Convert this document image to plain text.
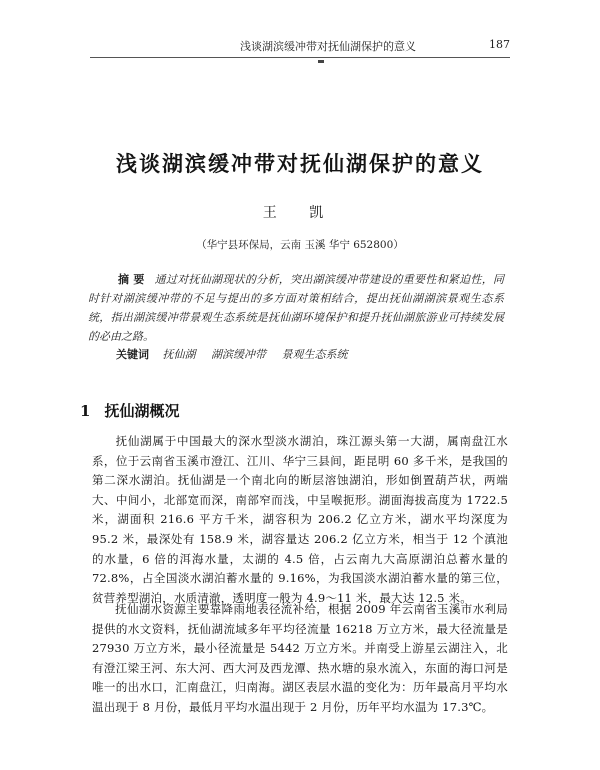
浅谈湖滨缓冲带对抚仙湖保护的意义	187
浅谈湖滨缓冲带对抚仙湖保护的意义
王 凯
（华宁县环保局，云南 玉溪 华宁 652800）
摘 要 通过对抚仙湖现状的分析，突出湖滨缓冲带建设的重要性和紧迫性，同时针对湖滨缓冲带的不足与提出的多方面对策相结合，提出抚仙湖湖滨景观生态系统，指出湖滨缓冲带景观生态系统是抚仙湖环境保护和提升抚仙湖旅游业可持续发展的必由之路。
关键词 抚仙湖 湖滨缓冲带 景观生态系统
1 抚仙湖概况
抚仙湖属于中国最大的深水型淡水湖泊，珠江源头第一大湖，属南盘江水系，位于云南省玉溪市澄江、江川、华宁三县间，距昆明 60 多千米，是我国的第二深水湖泊。抚仙湖是一个南北向的断层溶蚀湖泊，形如倒置葫芦状，两端大、中间小，北部宽而深，南部窄而浅，中呈喉扼形。湖面海拔高度为 1722.5 米，湖面积 216.6 平方千米，湖容积为 206.2 亿立方米，湖水平均深度为 95.2 米，最深处有 158.9 米，湖容量达 206.2 亿立方米，相当于 12 个滇池的水量，6 倍的洱海水量，太湖的 4.5 倍，占云南九大高原湖泊总蓄水量的 72.8%，占全国淡水湖泊蓄水量的 9.16%，为我国淡水湖泊蓄水量的第三位，贫营养型湖泊，水质清澈，透明度一般为 4.9～11 米，最大达 12.5 米。
抚仙湖水资源主要靠降雨地表径流补给，根据 2009 年云南省玉溪市水利局提供的水文资料，抚仙湖流域多年平均径流量 16218 万立方米，最大径流量是 27930 万立方米，最小径流量是 5442 万立方米。并南受上游星云湖注入，北有澄江梁王河、东大河、西大河及西龙潭、热水塘的泉水流入，东面的海口河是唯一的出水口，汇南盘江，归南海。湖区表层水温的变化为：历年最高月平均水温出现于 8 月份，最低月平均水温出现于 2 月份，历年平均水温为 17.3℃。
